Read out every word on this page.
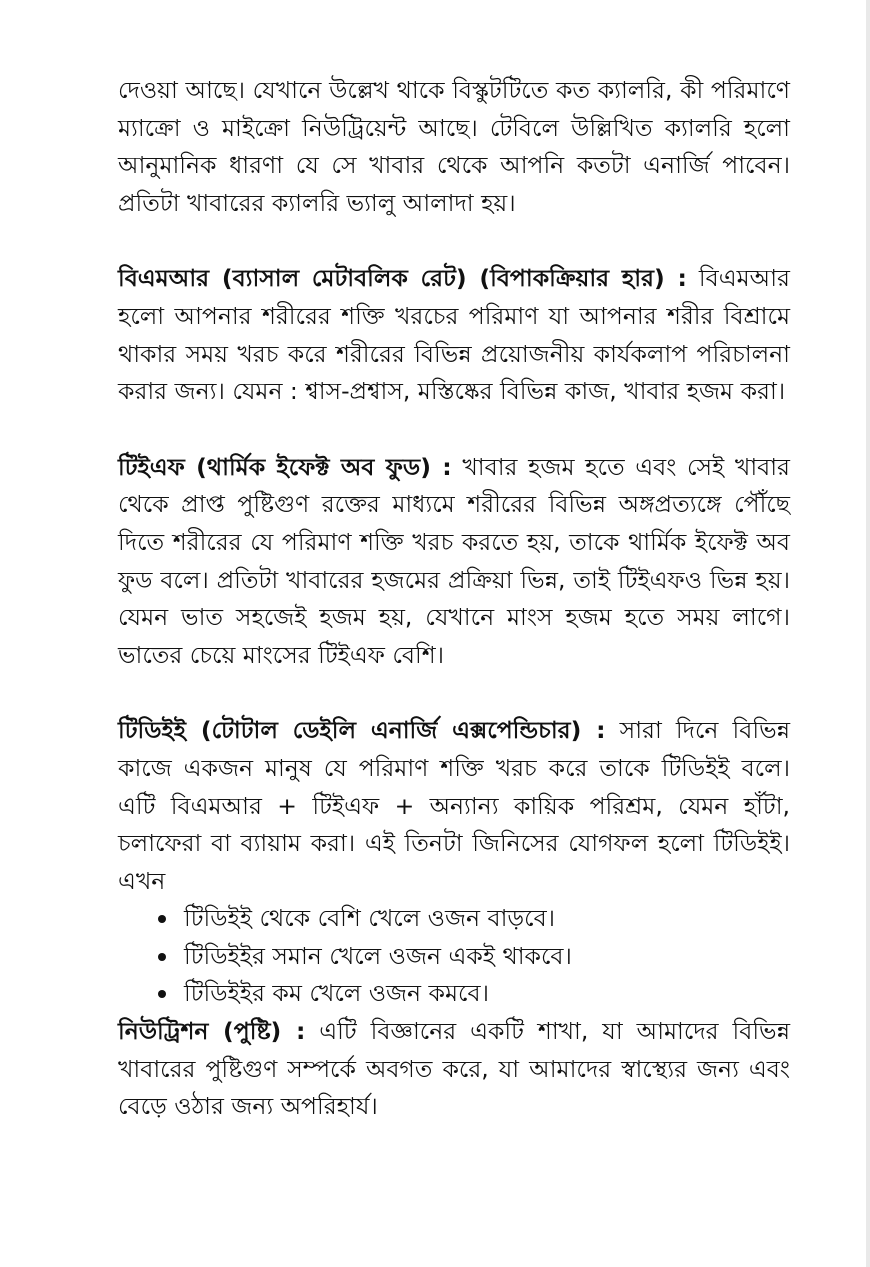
দেওয়া আছে। যেখানে উল্লেখ থাকে বিস্কুটটিতে কত ক্যালরি, কী পরিমাণে ম্যাক্রো ও মাইক্রো নিউট্রিয়েন্ট আছে। টেবিলে উল্লিখিত ক্যালরি হলো আনুমানিক ধারণা যে সে খাবার থেকে আপনি কতটা এনার্জি পাবেন। প্রতিটা খাবারের ক্যালরি ভ্যালু আলাদা হয়।

বিএমআর (ব্যাসাল মেটাবলিক রেট) (বিপাকক্রিয়ার হার) : বিএমআর হলো আপনার শরীরের শক্তি খরচের পরিমাণ যা আপনার শরীর বিশ্রামে থাকার সময় খরচ করে শরীরের বিভিন্ন প্রয়োজনীয় কার্যকলাপ পরিচালনা করার জন্য। যেমন : শ্বাস-প্রশ্বাস, মস্তিষ্কের বিভিন্ন কাজ, খাবার হজম করা।

টিইএফ (থার্মিক ইফেক্ট অব ফুড) : খাবার হজম হতে এবং সেই খাবার থেকে প্রাপ্ত পুষ্টিগুণ রক্তের মাধ্যমে শরীরের বিভিন্ন অঙ্গপ্রত্যঙ্গে পৌঁছে দিতে শরীরের যে পরিমাণ শক্তি খরচ করতে হয়, তাকে থার্মিক ইফেক্ট অব ফুড বলে। প্রতিটা খাবারের হজমের প্রক্রিয়া ভিন্ন, তাই টিইএফও ভিন্ন হয়। যেমন ভাত সহজেই হজম হয়, যেখানে মাংস হজম হতে সময় লাগে। ভাতের চেয়ে মাংসের টিইএফ বেশি।

টিডিইই (টোটাল ডেইলি এনার্জি এক্সপেন্ডিচার) : সারা দিনে বিভিন্ন কাজে একজন মানুষ যে পরিমাণ শক্তি খরচ করে তাকে টিডিইই বলে। এটি বিএমআর + টিইএফ + অন্যান্য কায়িক পরিশ্রম, যেমন হাঁটা, চলাফেরা বা ব্যায়াম করা। এই তিনটা জিনিসের যোগফল হলো টিডিইই। এখন

টিডিইই থেকে বেশি খেলে ওজন বাড়বে।
টিডিইইর সমান খেলে ওজন একই থাকবে।
টিডিইইর কম খেলে ওজন কমবে।

নিউট্রিশন (পুষ্টি) : এটি বিজ্ঞানের একটি শাখা, যা আমাদের বিভিন্ন খাবারের পুষ্টিগুণ সম্পর্কে অবগত করে, যা আমাদের স্বাস্থ্যের জন্য এবং বেড়ে ওঠার জন্য অপরিহার্য।
